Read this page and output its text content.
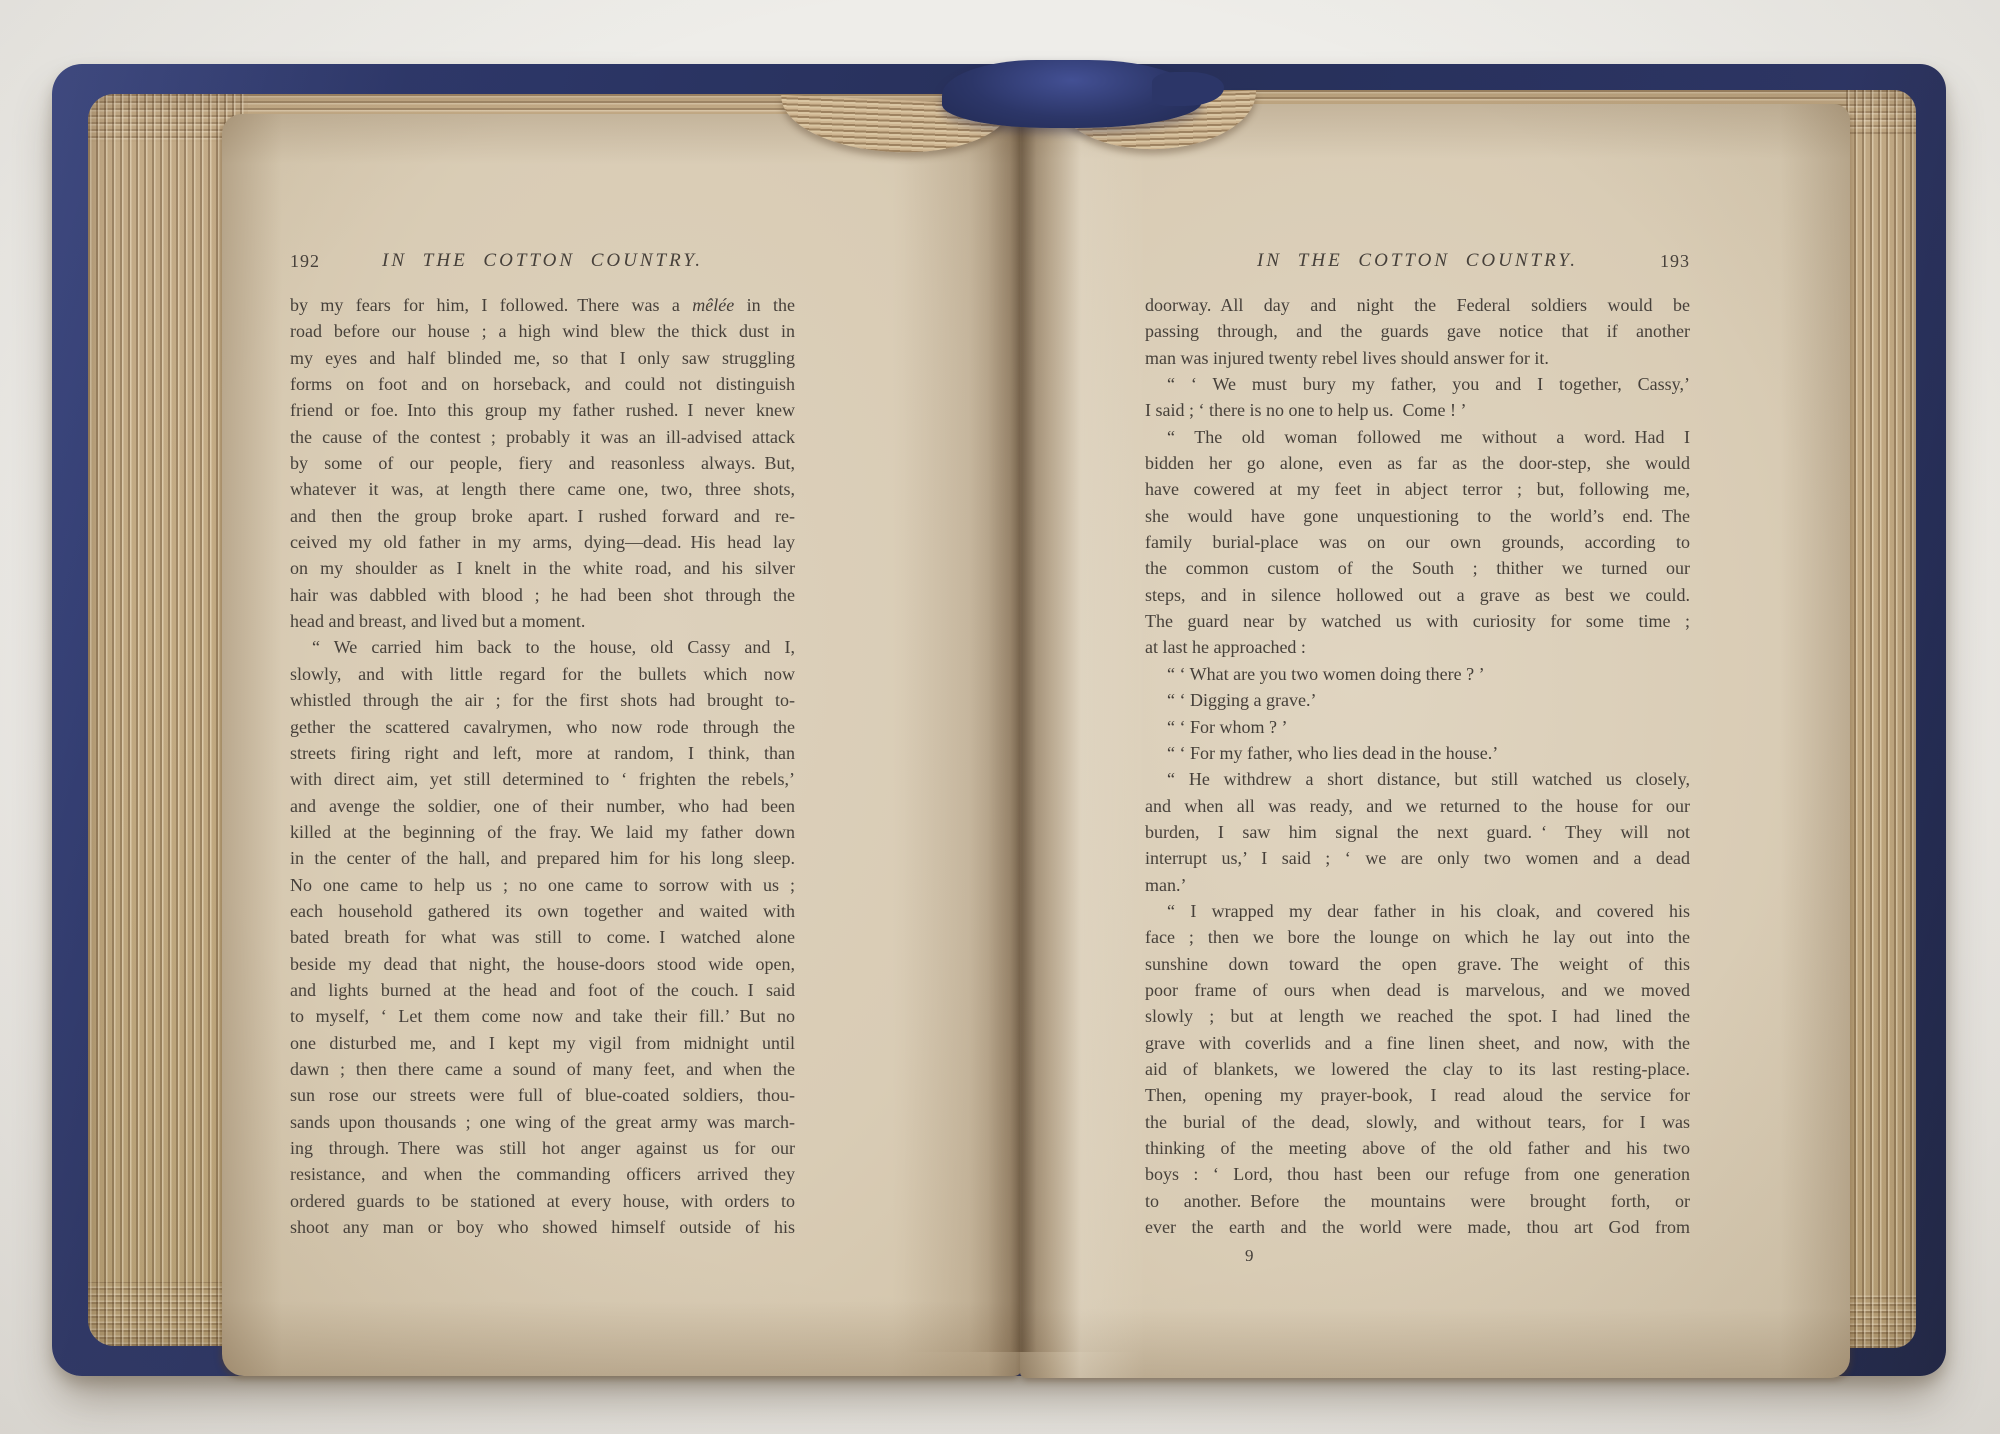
192	IN THE COTTON COUNTRY.
by my fears for him, I followed. There was a mêlée in the
road before our house ; a high wind blew the thick dust in
my eyes and half blinded me, so that I only saw struggling
forms on foot and on horseback, and could not distinguish
friend or foe. Into this group my father rushed. I never knew
the cause of the contest ; probably it was an ill-advised attack
by some of our people, fiery and reasonless always. But,
whatever it was, at length there came one, two, three shots,
and then the group broke apart. I rushed forward and re-
ceived my old father in my arms, dying—dead. His head lay
on my shoulder as I knelt in the white road, and his silver
hair was dabbled with blood ; he had been shot through the
head and breast, and lived but a moment.
“ We carried him back to the house, old Cassy and I,
slowly, and with little regard for the bullets which now
whistled through the air ; for the first shots had brought to-
gether the scattered cavalrymen, who now rode through the
streets firing right and left, more at random, I think, than
with direct aim, yet still determined to ‘ frighten the rebels,’
and avenge the soldier, one of their number, who had been
killed at the beginning of the fray. We laid my father down
in the center of the hall, and prepared him for his long sleep.
No one came to help us ; no one came to sorrow with us ;
each household gathered its own together and waited with
bated breath for what was still to come. I watched alone
beside my dead that night, the house-doors stood wide open,
and lights burned at the head and foot of the couch. I said
to myself, ‘ Let them come now and take their fill.’ But no
one disturbed me, and I kept my vigil from midnight until
dawn ; then there came a sound of many feet, and when the
sun rose our streets were full of blue-coated soldiers, thou-
sands upon thousands ; one wing of the great army was march-
ing through. There was still hot anger against us for our
resistance, and when the commanding officers arrived they
ordered guards to be stationed at every house, with orders to
shoot any man or boy who showed himself outside of his
193
IN THE COTTON COUNTRY.
doorway. All day and night the Federal soldiers would be
passing through, and the guards gave notice that if another
man was injured twenty rebel lives should answer for it.
“ ‘ We must bury my father, you and I together, Cassy,’
I said ; ‘ there is no one to help us. Come ! ’
“ The old woman followed me without a word. Had I
bidden her go alone, even as far as the door-step, she would
have cowered at my feet in abject terror ; but, following me,
she would have gone unquestioning to the world’s end. The
family burial-place was on our own grounds, according to
the common custom of the South ; thither we turned our
steps, and in silence hollowed out a grave as best we could.
The guard near by watched us with curiosity for some time ;
at last he approached :
“ ‘ What are you two women doing there ? ’
“ ‘ Digging a grave.’
“ ‘ For whom ? ’
“ ‘ For my father, who lies dead in the house.’
“ He withdrew a short distance, but still watched us closely,
and when all was ready, and we returned to the house for our
burden, I saw him signal the next guard. ‘ They will not
interrupt us,’ I said ; ‘ we are only two women and a dead
man.’
“ I wrapped my dear father in his cloak, and covered his
face ; then we bore the lounge on which he lay out into the
sunshine down toward the open grave. The weight of this
poor frame of ours when dead is marvelous, and we moved
slowly ; but at length we reached the spot. I had lined the
grave with coverlids and a fine linen sheet, and now, with the
aid of blankets, we lowered the clay to its last resting-place.
Then, opening my prayer-book, I read aloud the service for
the burial of the dead, slowly, and without tears, for I was
thinking of the meeting above of the old father and his two
boys : ‘ Lord, thou hast been our refuge from one generation
to another. Before the mountains were brought forth, or
ever the earth and the world were made, thou art God from
9
